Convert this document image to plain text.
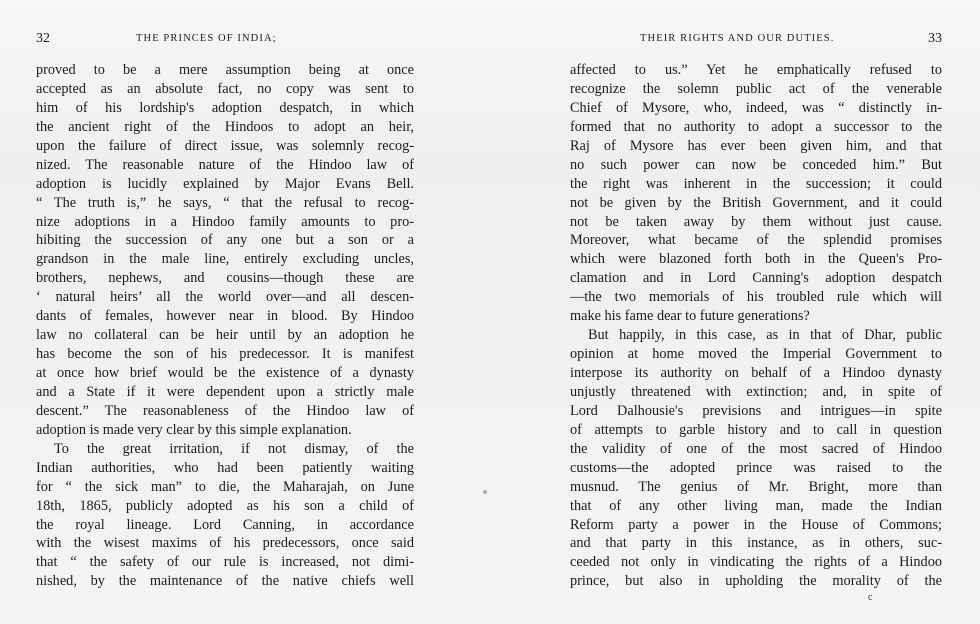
32	THE PRINCES OF INDIA;
proved to be a mere assumption being at once
accepted as an absolute fact, no copy was sent to
him of his lordship's adoption despatch, in which
the ancient right of the Hindoos to adopt an heir,
upon the failure of direct issue, was solemnly recog-
nized. The reasonable nature of the Hindoo law of
adoption is lucidly explained by Major Evans Bell.
“ The truth is,” he says, “ that the refusal to recog-
nize adoptions in a Hindoo family amounts to pro-
hibiting the succession of any one but a son or a
grandson in the male line, entirely excluding uncles,
brothers, nephews, and cousins—though these are
‘ natural heirs’ all the world over—and all descen-
dants of females, however near in blood. By Hindoo
law no collateral can be heir until by an adoption he
has become the son of his predecessor. It is manifest
at once how brief would be the existence of a dynasty
and a State if it were dependent upon a strictly male
descent.” The reasonableness of the Hindoo law of
adoption is made very clear by this simple explanation.
To the great irritation, if not dismay, of the
Indian authorities, who had been patiently waiting
for “ the sick man” to die, the Maharajah, on June
18th, 1865, publicly adopted as his son a child of
the royal lineage. Lord Canning, in accordance
with the wisest maxims of his predecessors, once said
that “ the safety of our rule is increased, not dimi-
nished, by the maintenance of the native chiefs well
THEIR RIGHTS AND OUR DUTIES.	33
affected to us.” Yet he emphatically refused to
recognize the solemn public act of the venerable
Chief of Mysore, who, indeed, was “ distinctly in-
formed that no authority to adopt a successor to the
Raj of Mysore has ever been given him, and that
no such power can now be conceded him.” But
the right was inherent in the succession; it could
not be given by the British Government, and it could
not be taken away by them without just cause.
Moreover, what became of the splendid promises
which were blazoned forth both in the Queen's Pro-
clamation and in Lord Canning's adoption despatch
—the two memorials of his troubled rule which will
make his fame dear to future generations?
But happily, in this case, as in that of Dhar, public
opinion at home moved the Imperial Government to
interpose its authority on behalf of a Hindoo dynasty
unjustly threatened with extinction; and, in spite of
Lord Dalhousie's previsions and intrigues—in spite
of attempts to garble history and to call in question
the validity of one of the most sacred of Hindoo
customs—the adopted prince was raised to the
musnud. The genius of Mr. Bright, more than
that of any other living man, made the Indian
Reform party a power in the House of Commons;
and that party in this instance, as in others, suc-
ceeded not only in vindicating the rights of a Hindoo
prince, but also in upholding the morality of the
c
